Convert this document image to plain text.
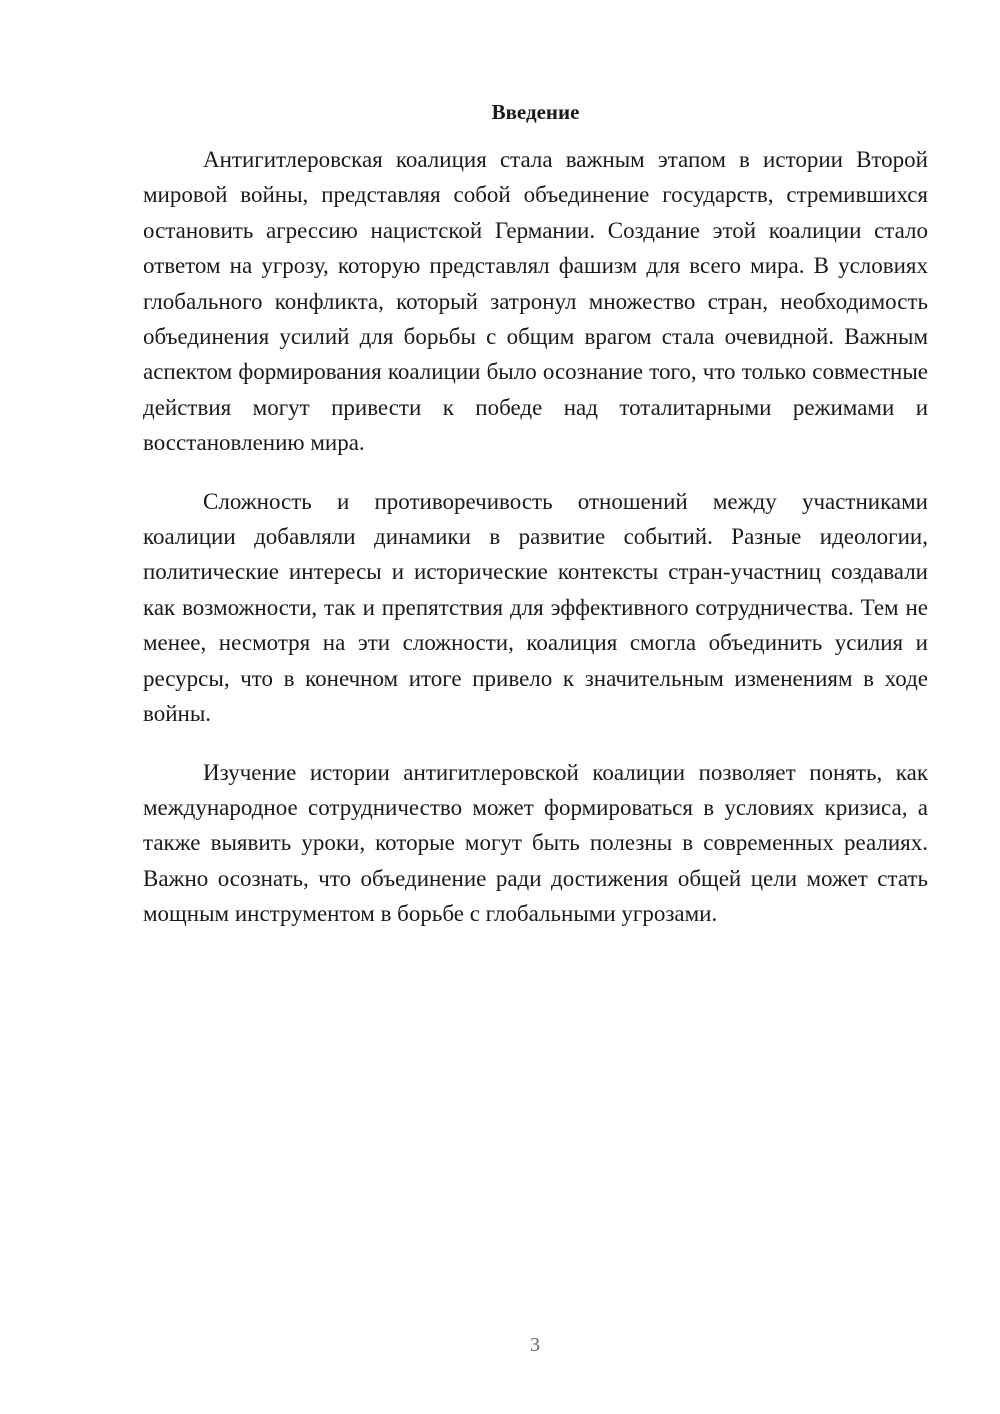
Введение

Антигитлеровская коалиция стала важным этапом в истории Второй мировой войны, представляя собой объединение государств, стремившихся остановить агрессию нацистской Германии. Создание этой коалиции стало ответом на угрозу, которую представлял фашизм для всего мира. В условиях глобального конфликта, который затронул множество стран, необходимость объединения усилий для борьбы с общим врагом стала очевидной. Важным аспектом формирования коалиции было осознание того, что только совместные действия могут привести к победе над тоталитарными режимами и восстановлению мира.

Сложность и противоречивость отношений между участниками коалиции добавляли динамики в развитие событий. Разные идеологии, политические интересы и исторические контексты стран-участниц создавали как возможности, так и препятствия для эффективного сотрудничества. Тем не менее, несмотря на эти сложности, коалиция смогла объединить усилия и ресурсы, что в конечном итоге привело к значительным изменениям в ходе войны.

Изучение истории антигитлеровской коалиции позволяет понять, как международное сотрудничество может формироваться в условиях кризиса, а также выявить уроки, которые могут быть полезны в современных реалиях. Важно осознать, что объединение ради достижения общей цели может стать мощным инструментом в борьбе с глобальными угрозами.

3
